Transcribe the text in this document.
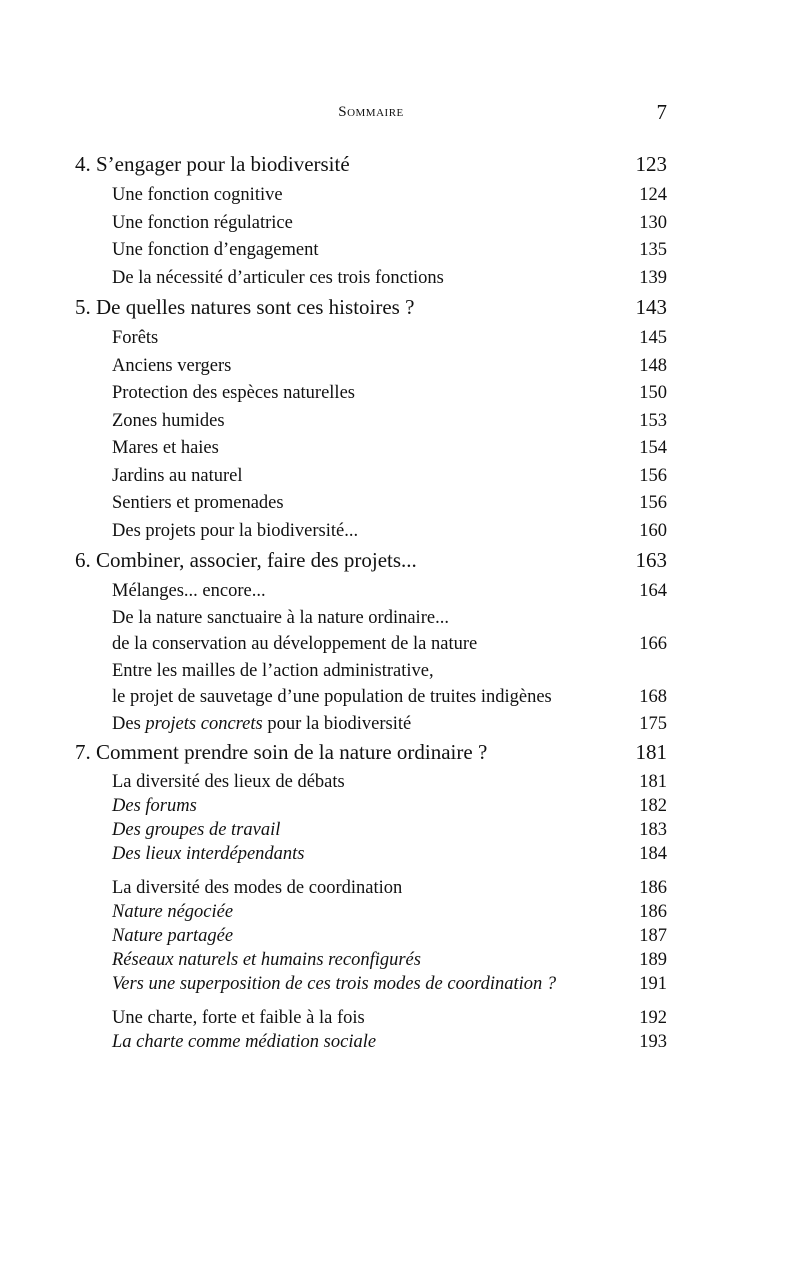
Sommaire	7
4. S’engager pour la biodiversité	123
Une fonction cognitive	124
Une fonction régulatrice	130
Une fonction d’engagement	135
De la nécessité d’articuler ces trois fonctions	139
5. De quelles natures sont ces histoires ?	143
Forêts	145
Anciens vergers	148
Protection des espèces naturelles	150
Zones humides	153
Mares et haies	154
Jardins au naturel	156
Sentiers et promenades	156
Des projets pour la biodiversité...	160
6. Combiner, associer, faire des projets...	163
Mélanges... encore...	164
De la nature sanctuaire à la nature ordinaire...
de la conservation au développement de la nature	166
Entre les mailles de l’action administrative,
le projet de sauvetage d’une population de truites indigènes	168
Des projets concrets pour la biodiversité	175
7. Comment prendre soin de la nature ordinaire ?	181
La diversité des lieux de débats	181
Des forums	182
Des groupes de travail	183
Des lieux interdépendants	184
La diversité des modes de coordination	186
Nature négociée	186
Nature partagée	187
Réseaux naturels et humains reconfigurés	189
Vers une superposition de ces trois modes de coordination ?	191
Une charte, forte et faible à la fois	192
La charte comme médiation sociale	193
